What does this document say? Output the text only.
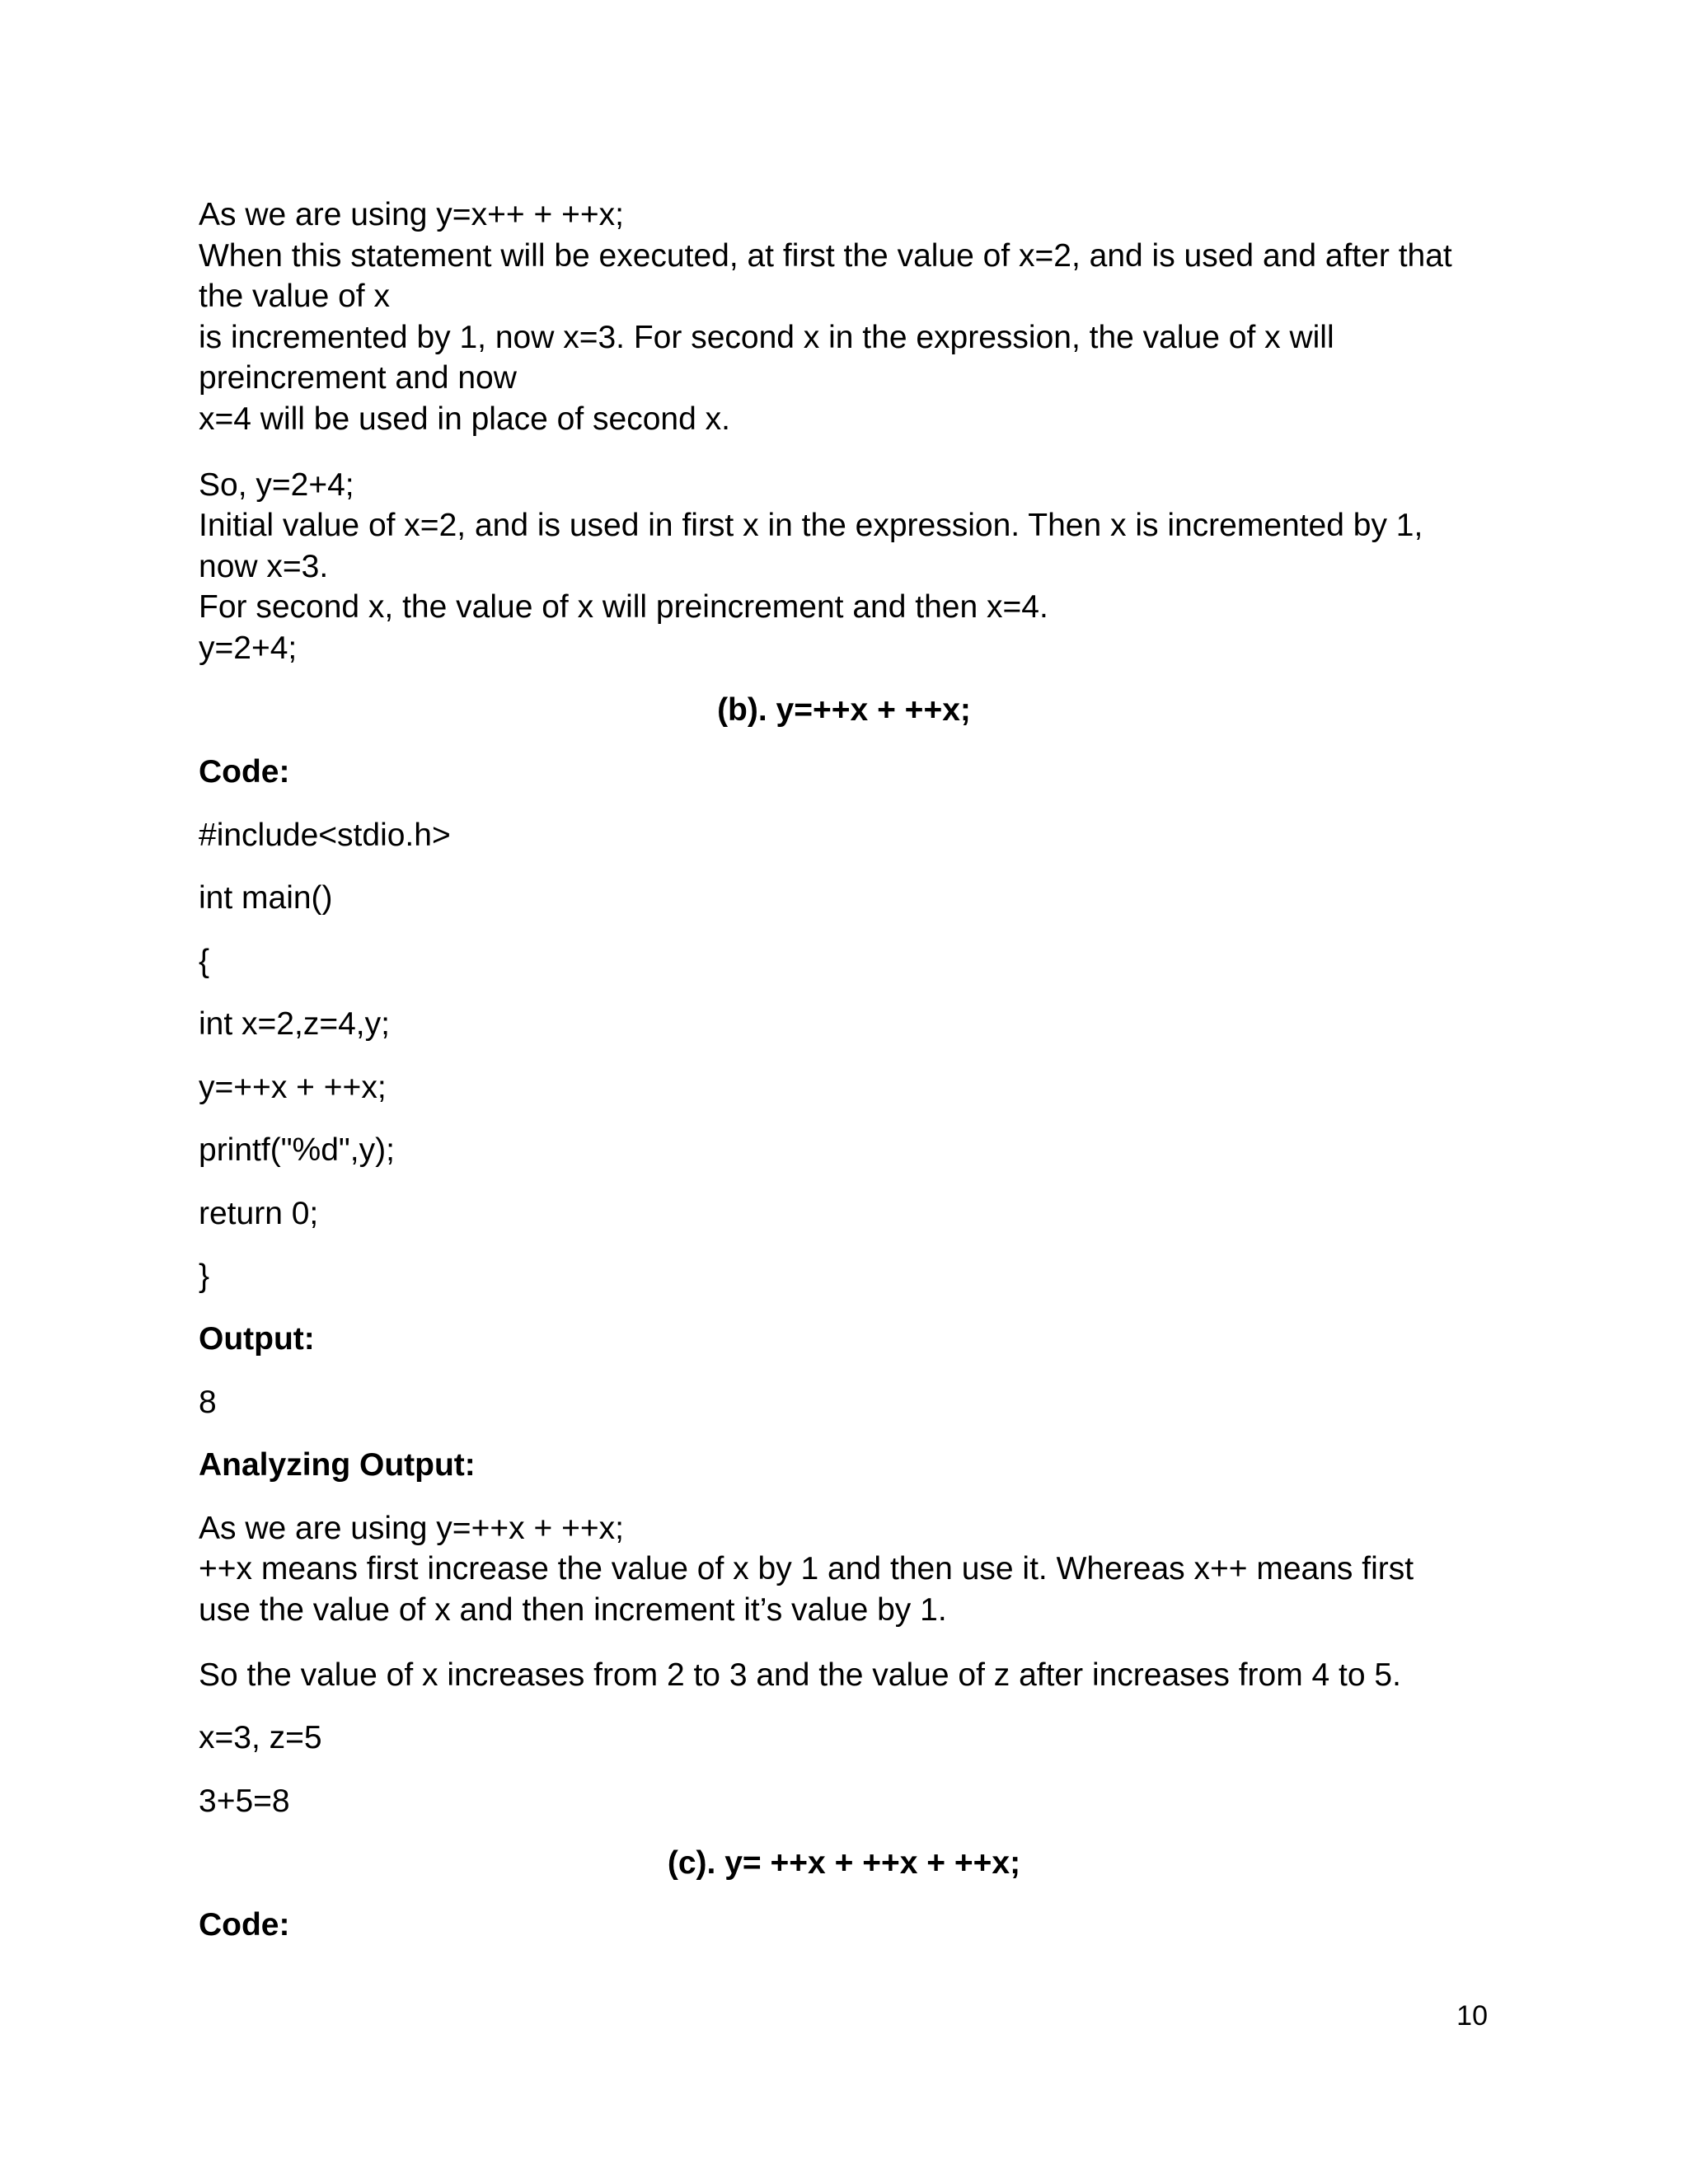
As we are using y=x++ + ++x;

When this statement will be executed, at first the value of x=2, and is used and after that

the value of x

is incremented by 1, now x=3. For second x in the expression, the value of x will

preincrement and now

x=4 will be used in place of second x.

So, y=2+4;

Initial value of x=2, and is used in first x in the expression. Then x is incremented by 1,

now x=3.

For second x, the value of x will preincrement and then x=4.

y=2+4;

(b). y=++x + ++x;

Code:

#include<stdio.h>

int main()

{

int x=2,z=4,y;

y=++x + ++x;

printf("%d",y);

return 0;

}

Output:

8

Analyzing Output:

As we are using y=++x + ++x;

++x means first increase the value of x by 1 and then use it. Whereas x++ means first

use the value of x and then increment it’s value by 1.

So the value of x increases from 2 to 3 and the value of z after increases from 4 to 5.

x=3, z=5

3+5=8

(c). y= ++x + ++x + ++x;

Code:

10
